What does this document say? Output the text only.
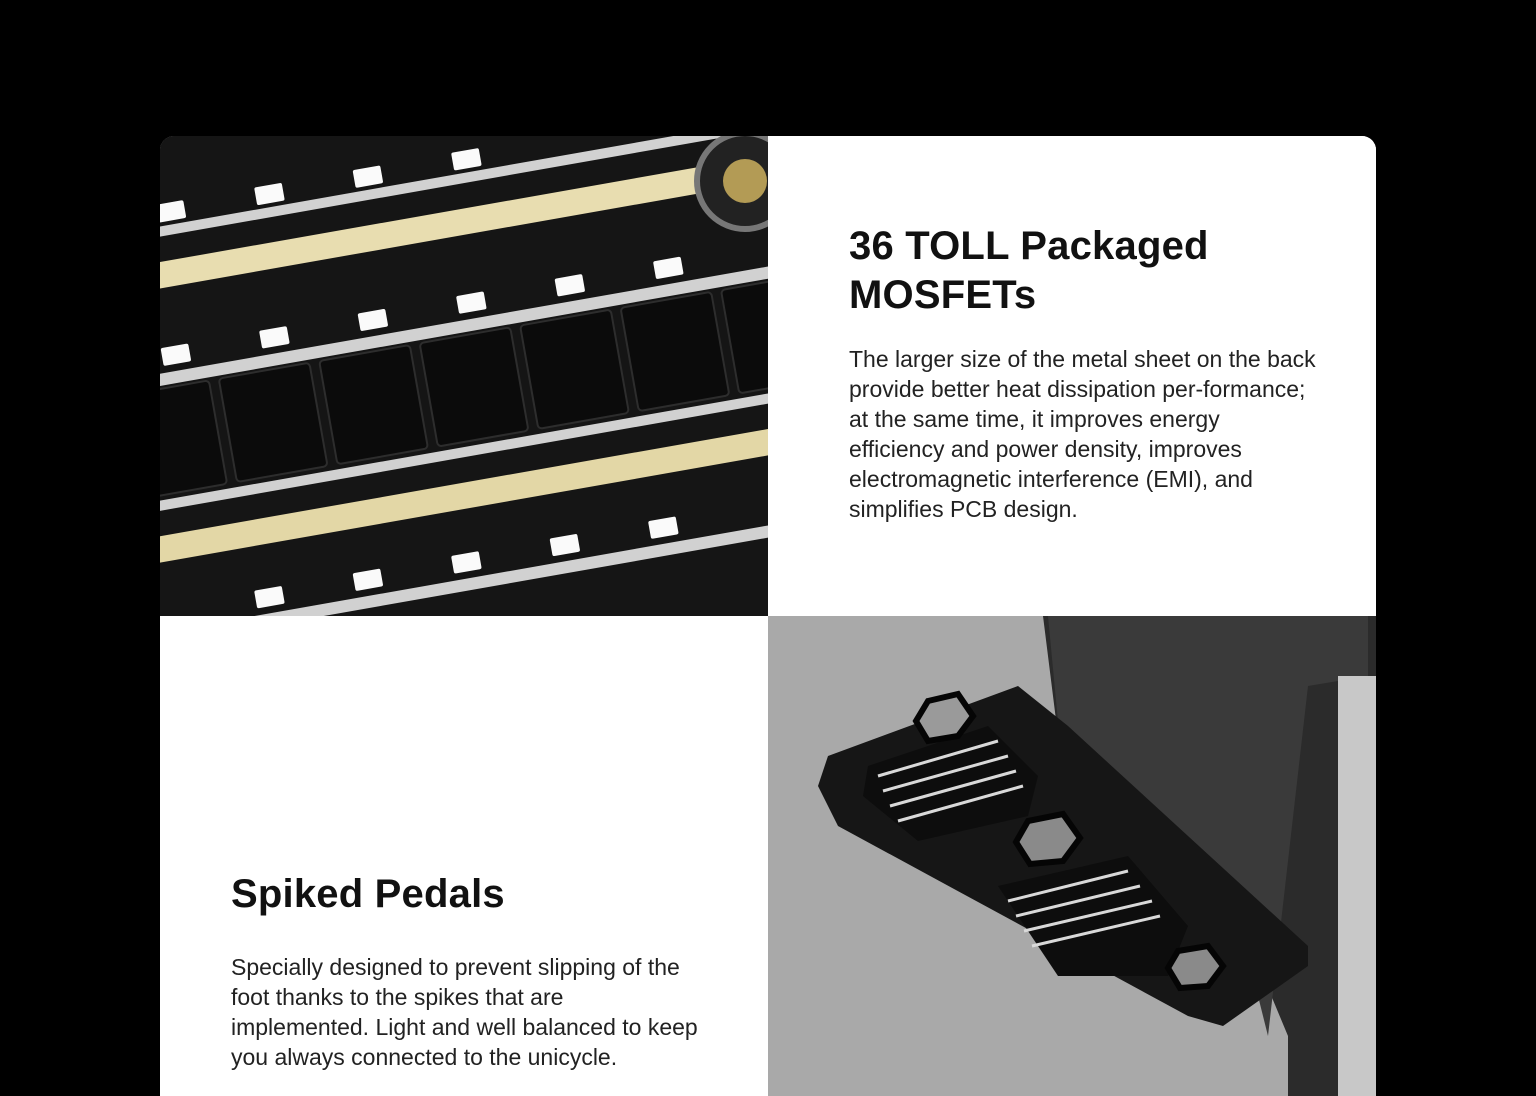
36 TOLL Packaged MOSFETs

The larger size of the metal sheet on the back provide better heat dissipation per-formance; at the same time, it improves energy efficiency and power density, improves electromagnetic interference (EMI), and simplifies PCB design.

Spiked Pedals

Specially designed to prevent slipping of the foot thanks to the spikes that are implemented. Light and well balanced to keep you always connected to the unicycle.
